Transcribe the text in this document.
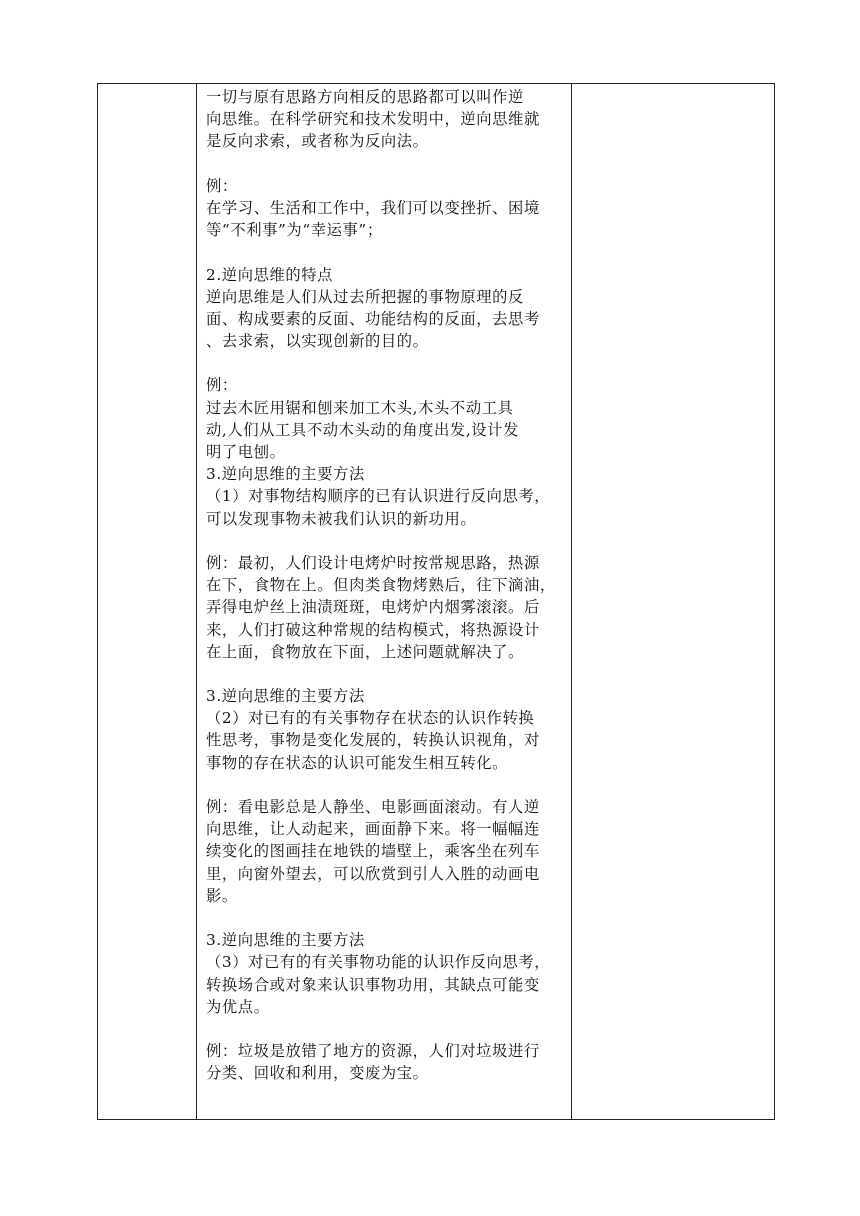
一切与原有思路方向相反的思路都可以叫作逆
向思维。在科学研究和技术发明中，逆向思维就
是反向求索，或者称为反向法。
例：
在学习、生活和工作中，我们可以变挫折、困境
等“不利事”为“幸运事”；
2.逆向思维的特点
逆向思维是人们从过去所把握的事物原理的反
面、构成要素的反面、功能结构的反面，去思考
、去求索，以实现创新的目的。
例：
过去木匠用锯和刨来加工木头,木头不动工具
动,人们从工具不动木头动的角度出发,设计发
明了电刨。
3.逆向思维的主要方法
（1）对事物结构顺序的已有认识进行反向思考，
可以发现事物未被我们认识的新功用。
例：最初，人们设计电烤炉时按常规思路，热源
在下，食物在上。但肉类食物烤熟后，往下滴油，
弄得电炉丝上油渍斑斑，电烤炉内烟雾滚滚。后
来，人们打破这种常规的结构模式，将热源设计
在上面，食物放在下面，上述问题就解决了。
3.逆向思维的主要方法
（2）对已有的有关事物存在状态的认识作转换
性思考，事物是变化发展的，转换认识视角，对
事物的存在状态的认识可能发生相互转化。
例：看电影总是人静坐、电影画面滚动。有人逆
向思维，让人动起来，画面静下来。将一幅幅连
续变化的图画挂在地铁的墙壁上，乘客坐在列车
里，向窗外望去，可以欣赏到引人入胜的动画电
影。
3.逆向思维的主要方法
（3）对已有的有关事物功能的认识作反向思考，
转换场合或对象来认识事物功用，其缺点可能变
为优点。
例：垃圾是放错了地方的资源，人们对垃圾进行
分类、回收和利用，变废为宝。
